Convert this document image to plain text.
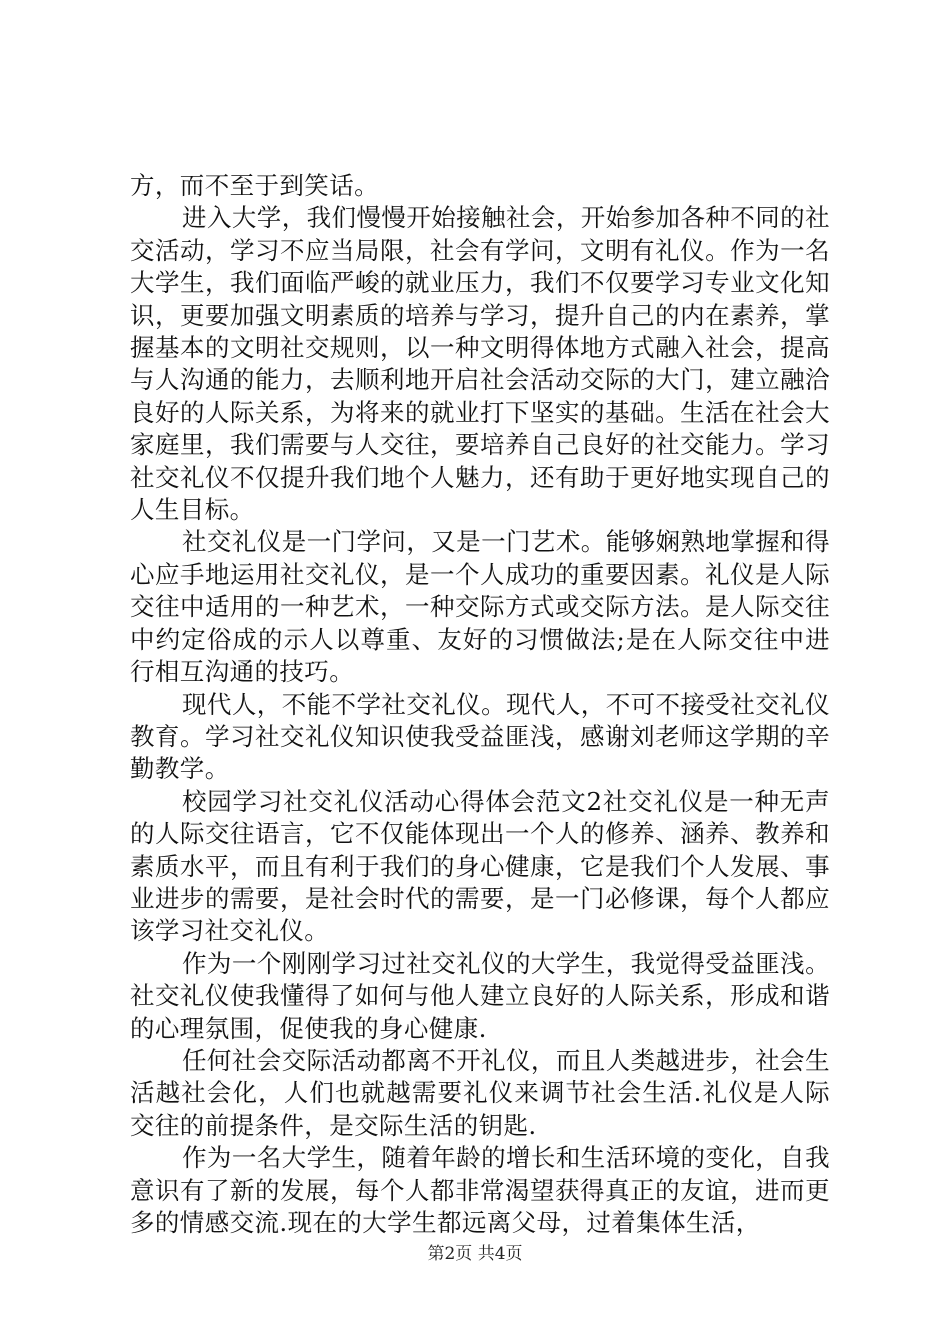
方，而不至于到笑话。

进入大学，我们慢慢开始接触社会，开始参加各种不同的社交活动，学习不应当局限，社会有学问，文明有礼仪。作为一名大学生，我们面临严峻的就业压力，我们不仅要学习专业文化知识，更要加强文明素质的培养与学习，提升自己的内在素养，掌握基本的文明社交规则，以一种文明得体地方式融入社会，提高与人沟通的能力，去顺利地开启社会活动交际的大门，建立融洽良好的人际关系，为将来的就业打下坚实的基础。生活在社会大家庭里，我们需要与人交往，要培养自己良好的社交能力。学习社交礼仪不仅提升我们地个人魅力，还有助于更好地实现自己的人生目标。

社交礼仪是一门学问，又是一门艺术。能够娴熟地掌握和得心应手地运用社交礼仪，是一个人成功的重要因素。礼仪是人际交往中适用的一种艺术，一种交际方式或交际方法。是人际交往中约定俗成的示人以尊重、友好的习惯做法;是在人际交往中进行相互沟通的技巧。

现代人，不能不学社交礼仪。现代人，不可不接受社交礼仪教育。学习社交礼仪知识使我受益匪浅，感谢刘老师这学期的辛勤教学。

校园学习社交礼仪活动心得体会范文2社交礼仪是一种无声的人际交往语言，它不仅能体现出一个人的修养、涵养、教养和素质水平，而且有利于我们的身心健康，它是我们个人发展、事业进步的需要，是社会时代的需要，是一门必修课，每个人都应该学习社交礼仪。

作为一个刚刚学习过社交礼仪的大学生，我觉得受益匪浅。社交礼仪使我懂得了如何与他人建立良好的人际关系，形成和谐的心理氛围，促使我的身心健康.

任何社会交际活动都离不开礼仪，而且人类越进步，社会生活越社会化，人们也就越需要礼仪来调节社会生活.礼仪是人际交往的前提条件，是交际生活的钥匙.

作为一名大学生，随着年龄的增长和生活环境的变化，自我意识有了新的发展，每个人都非常渴望获得真正的友谊，进而更多的情感交流.现在的大学生都远离父母，过着集体生活，

第2页 共4页
